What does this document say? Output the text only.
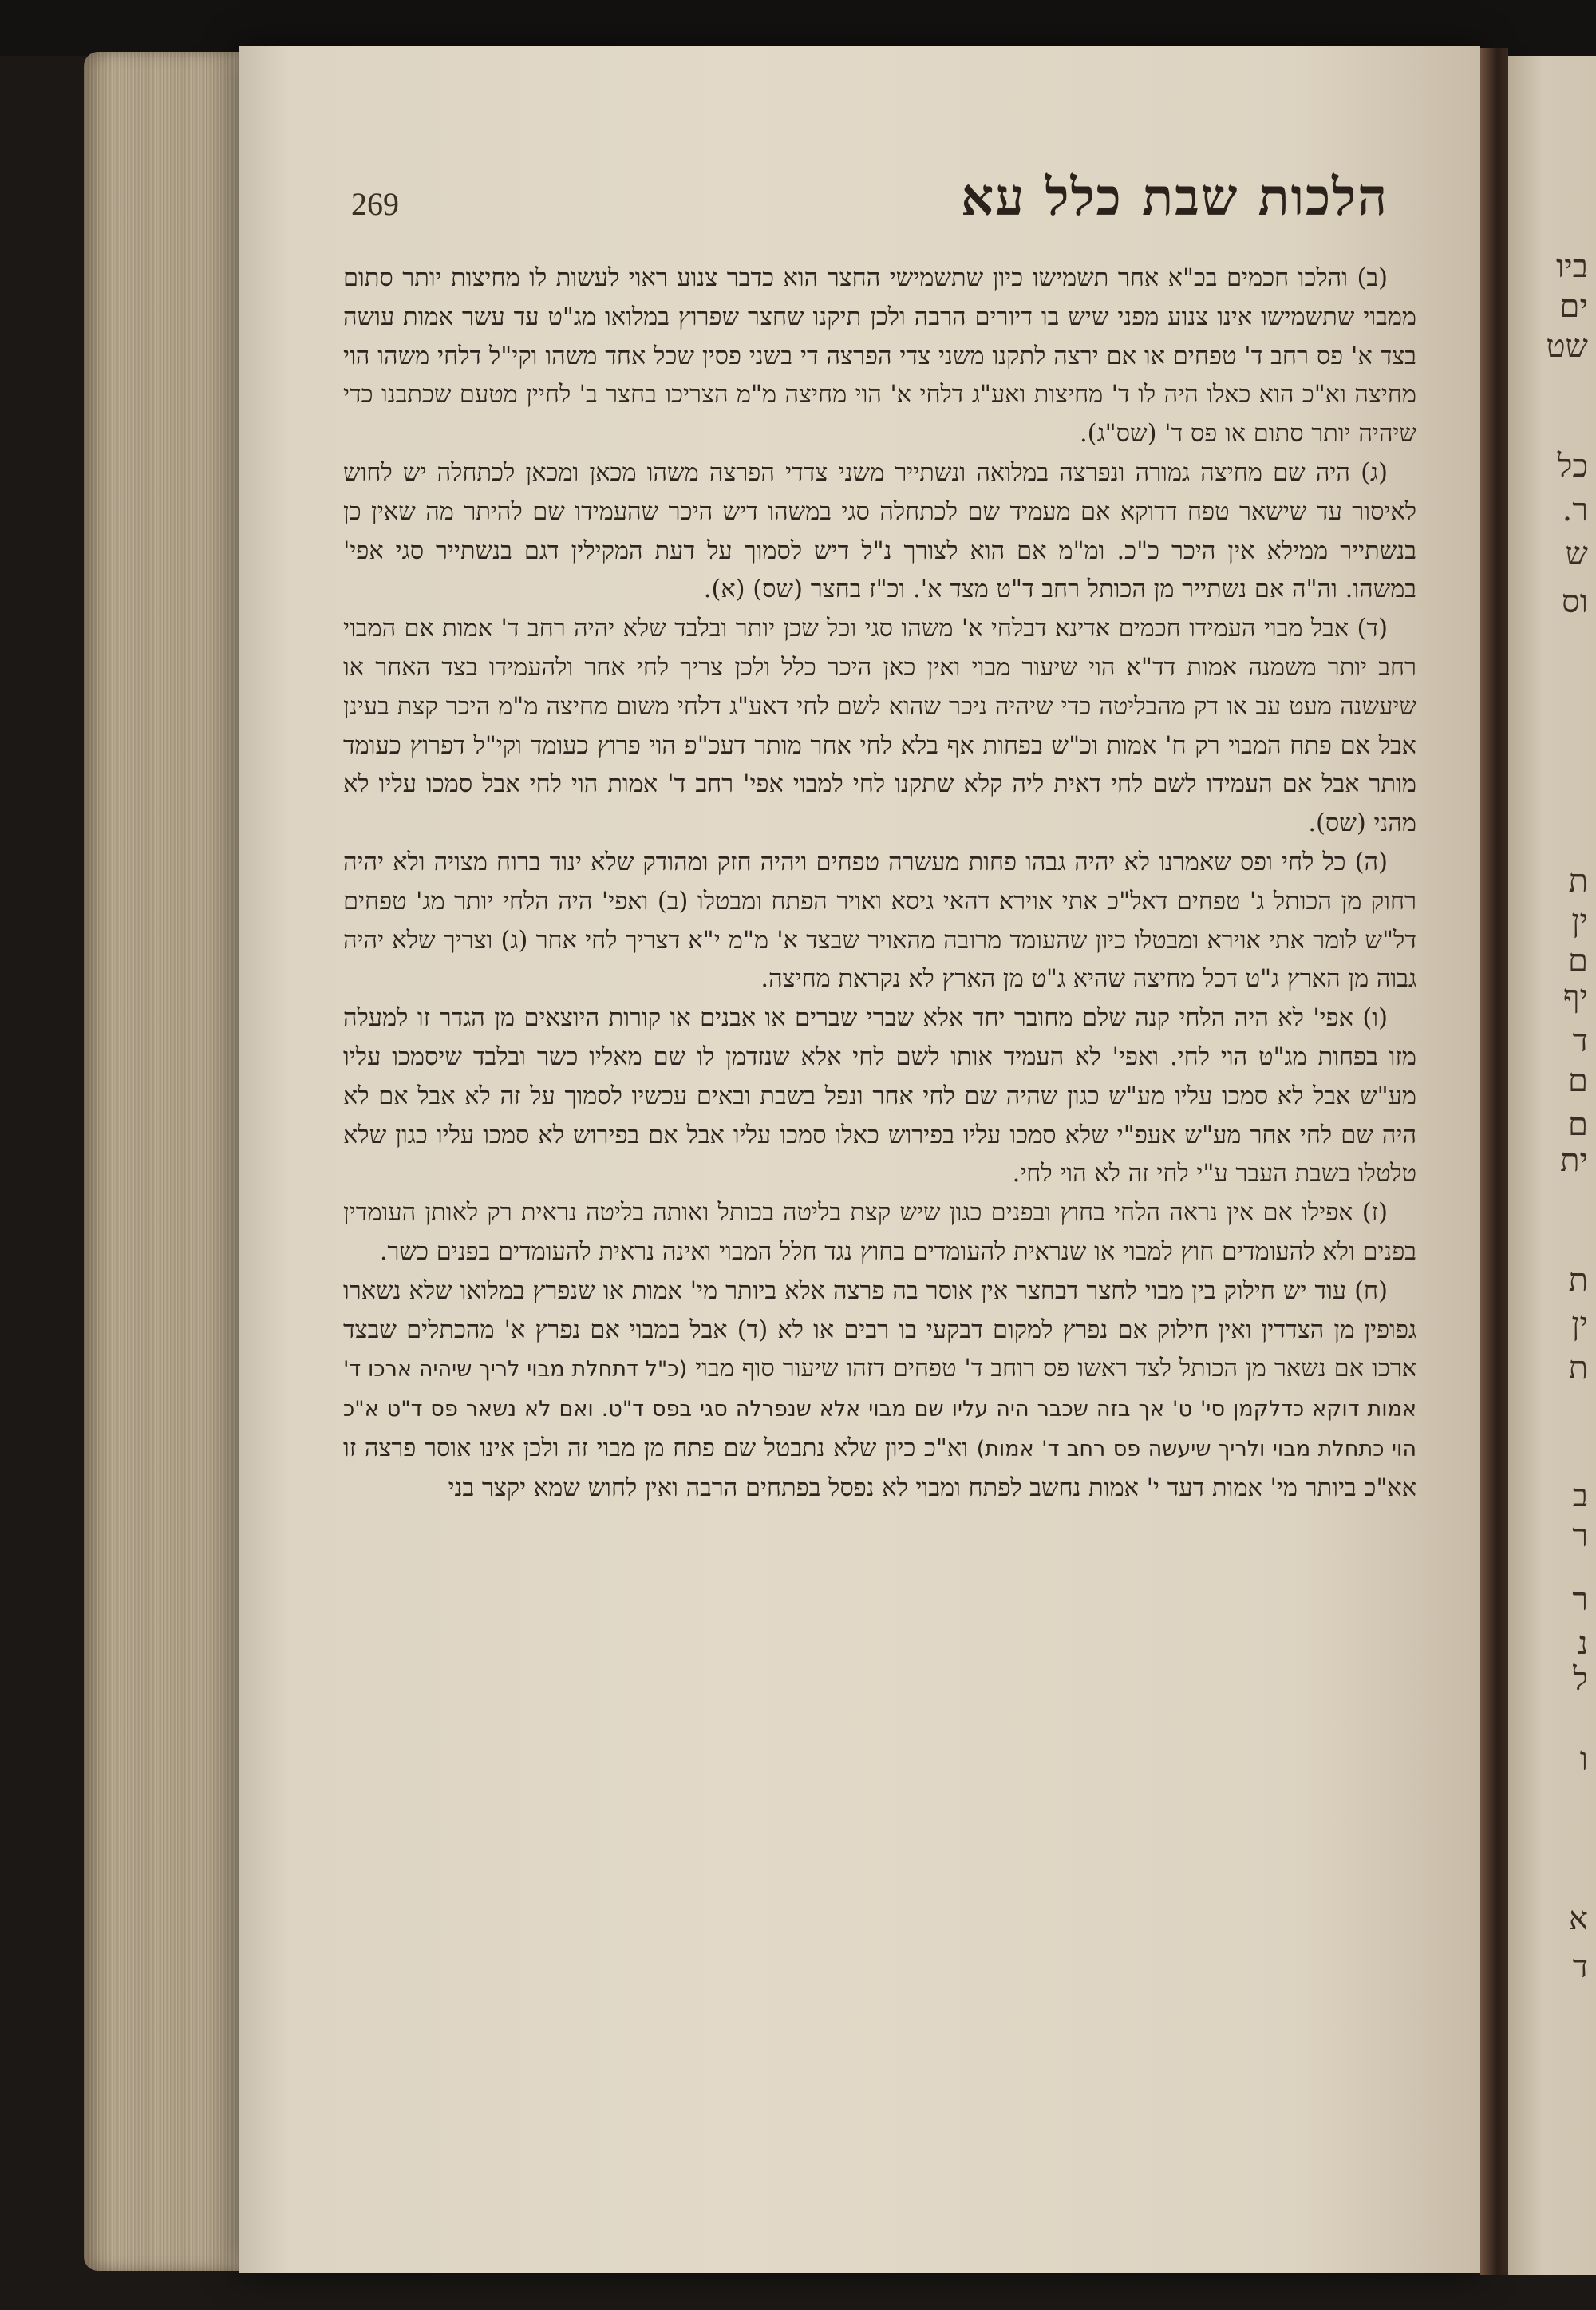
ביו
ים
שט
כל
ר.
ש
וס
ת
ין
ם
יף
ד
ם
ם
ית
ת
ין
ת
ב
ר
ר
נ
ל
ו
א
ד
269	הלכות שבת כלל עא

(ב) והלכו חכמים בכ"א אחר תשמישו כיון שתשמישי החצר הוא כדבר צנוע ראוי לעשות לו מחיצות יותר סתום ממבוי שתשמישו אינו צנוע מפני שיש בו דיורים הרבה ולכן תיקנו שחצר שפרוץ במלואו מג"ט עד עשר אמות עושה בצד א' פס רחב ד' טפחים או אם ירצה לתקנו משני צדי הפרצה די בשני פסין שכל אחד משהו וקי"ל דלחי משהו הוי מחיצה וא"כ הוא כאלו היה לו ד' מחיצות ואע"ג דלחי א' הוי מחיצה מ"מ הצריכו בחצר ב' לחיין מטעם שכתבנו כדי שיהיה יותר סתום או פס ד' (שס"ג).

(ג) היה שם מחיצה גמורה ונפרצה במלואה ונשתייר משני צדדי הפרצה משהו מכאן ומכאן לכתחלה יש לחוש לאיסור עד שישאר טפח דדוקא אם מעמיד שם לכתחלה סגי במשהו דיש היכר שהעמידו שם להיתר מה שאין כן בנשתייר ממילא אין היכר כ"כ. ומ"מ אם הוא לצורך נ"ל דיש לסמוך על דעת המקילין דגם בנשתייר סגי אפי' במשהו. וה"ה אם נשתייר מן הכותל רחב ד"ט מצד א'. וכ"ז בחצר (שס) (א).

(ד) אבל מבוי העמידו חכמים אדינא דבלחי א' משהו סגי וכל שכן יותר ובלבד שלא יהיה רחב ד' אמות אם המבוי רחב יותר משמנה אמות דד"א הוי שיעור מבוי ואין כאן היכר כלל ולכן צריך לחי אחר ולהעמידו בצד האחר או שיעשנה מעט עב או דק מהבליטה כדי שיהיה ניכר שהוא לשם לחי דאע"ג דלחי משום מחיצה מ"מ היכר קצת בעינן אבל אם פתח המבוי רק ח' אמות וכ"ש בפחות אף בלא לחי אחר מותר דעכ"פ הוי פרוץ כעומד וקי"ל דפרוץ כעומד מותר אבל אם העמידו לשם לחי דאית ליה קלא שתקנו לחי למבוי אפי' רחב ד' אמות הוי לחי אבל סמכו עליו לא מהני (שס).

(ה) כל לחי ופס שאמרנו לא יהיה גבהו פחות מעשרה טפחים ויהיה חזק ומהודק שלא ינוד ברוח מצויה ולא יהיה רחוק מן הכותל ג' טפחים דאל"כ אתי אוירא דהאי גיסא ואויר הפתח ומבטלו (ב) ואפי' היה הלחי יותר מג' טפחים דל"ש לומר אתי אוירא ומבטלו כיון שהעומד מרובה מהאויר שבצד א' מ"מ י"א דצריך לחי אחר (ג) וצריך שלא יהיה גבוה מן הארץ ג"ט דכל מחיצה שהיא ג"ט מן הארץ לא נקראת מחיצה.

(ו) אפי' לא היה הלחי קנה שלם מחובר יחד אלא שברי שברים או אבנים או קורות היוצאים מן הגדר זו למעלה מזו בפחות מג"ט הוי לחי. ואפי' לא העמיד אותו לשם לחי אלא שנזדמן לו שם מאליו כשר ובלבד שיסמכו עליו מע"ש אבל לא סמכו עליו מע"ש כגון שהיה שם לחי אחר ונפל בשבת ובאים עכשיו לסמוך על זה לא אבל אם לא היה שם לחי אחר מע"ש אעפ"י שלא סמכו עליו בפירוש כאלו סמכו עליו אבל אם בפירוש לא סמכו עליו כגון שלא טלטלו בשבת העבר ע"י לחי זה לא הוי לחי.

(ז) אפילו אם אין נראה הלחי בחוץ ובפנים כגון שיש קצת בליטה בכותל ואותה בליטה נראית רק לאותן העומדין בפנים ולא להעומדים חוץ למבוי או שנראית להעומדים בחוץ נגד חלל המבוי ואינה נראית להעומדים בפנים כשר.

(ח) עוד יש חילוק בין מבוי לחצר דבחצר אין אוסר בה פרצה אלא ביותר מי' אמות או שנפרץ במלואו שלא נשארו גפופין מן הצדדין ואין חילוק אם נפרץ למקום דבקעי בו רבים או לא (ד) אבל במבוי אם נפרץ א' מהכתלים שבצד ארכו אם נשאר מן הכותל לצד ראשו פס רוחב ד' טפחים דזהו שיעור סוף מבוי (כ"ל דתחלת מבוי לריך שיהיה ארכו ד' אמות דוקא כדלקמן סי' ט' אך בזה שכבר היה עליו שם מבוי אלא שנפרלה סגי בפס ד"ט. ואם לא נשאר פס ד"ט א"כ הוי כתחלת מבוי ולריך שיעשה פס רחב ד' אמות) וא"כ כיון שלא נתבטל שם פתח מן מבוי זה ולכן אינו אוסר פרצה זו אא"כ ביותר מי' אמות דעד י' אמות נחשב לפתח ומבוי לא נפסל בפתחים הרבה ואין לחוש שמא יקצר בני
